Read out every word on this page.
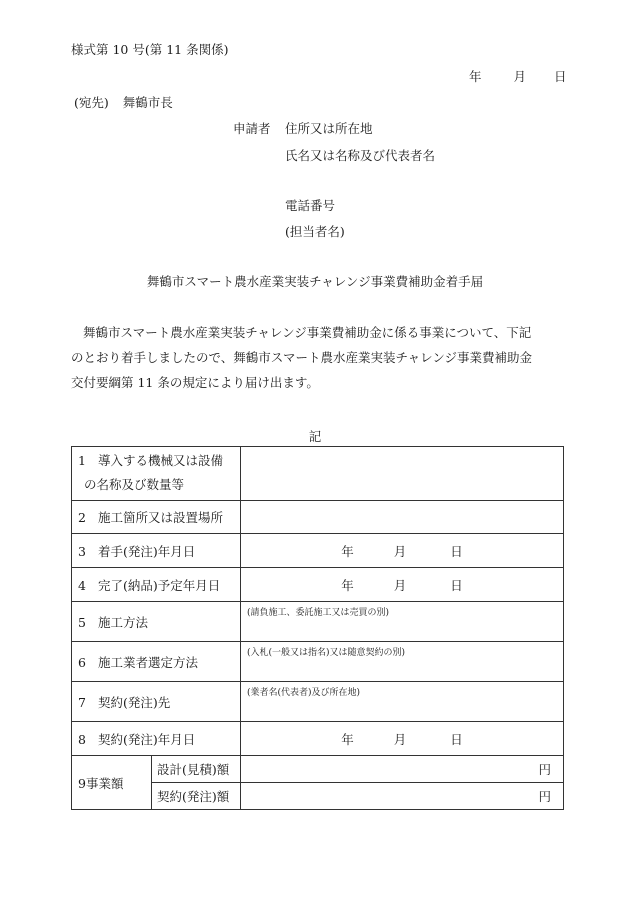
様式第 10 号(第 11 条関係)
年	月 日
(宛先) 舞鶴市長
申請者 住所又は所在地
氏名又は名称及び代表者名
電話番号
(担当者名)
舞鶴市スマート農水産業実装チャレンジ事業費補助金着手届

舞鶴市スマート農水産業実装チャレンジ事業費補助金に係る事業について、下記

のとおり着手しましたので、舞鶴市スマート農水産業実装チャレンジ事業費補助金

交付要綱第 11 条の規定により届け出ます。

記
1 導入する機械又は設備
の名称及び数量等		

2 施工箇所又は設置場所		
3 着手(発注)年月日		年 月 日
4 完了(納品)予定年月日		年 月 日
5 施工方法		(請負施工、委託施工又は売買の別)

6 施工業者選定方法		(入札(一般又は指名)又は随意契約の別)

7 契約(発注)先		(業者名(代表者)及び所在地)

8 契約(発注)年月日		年 月 日
9事業額	設計(見積)額	円
	契約(発注)額	円
